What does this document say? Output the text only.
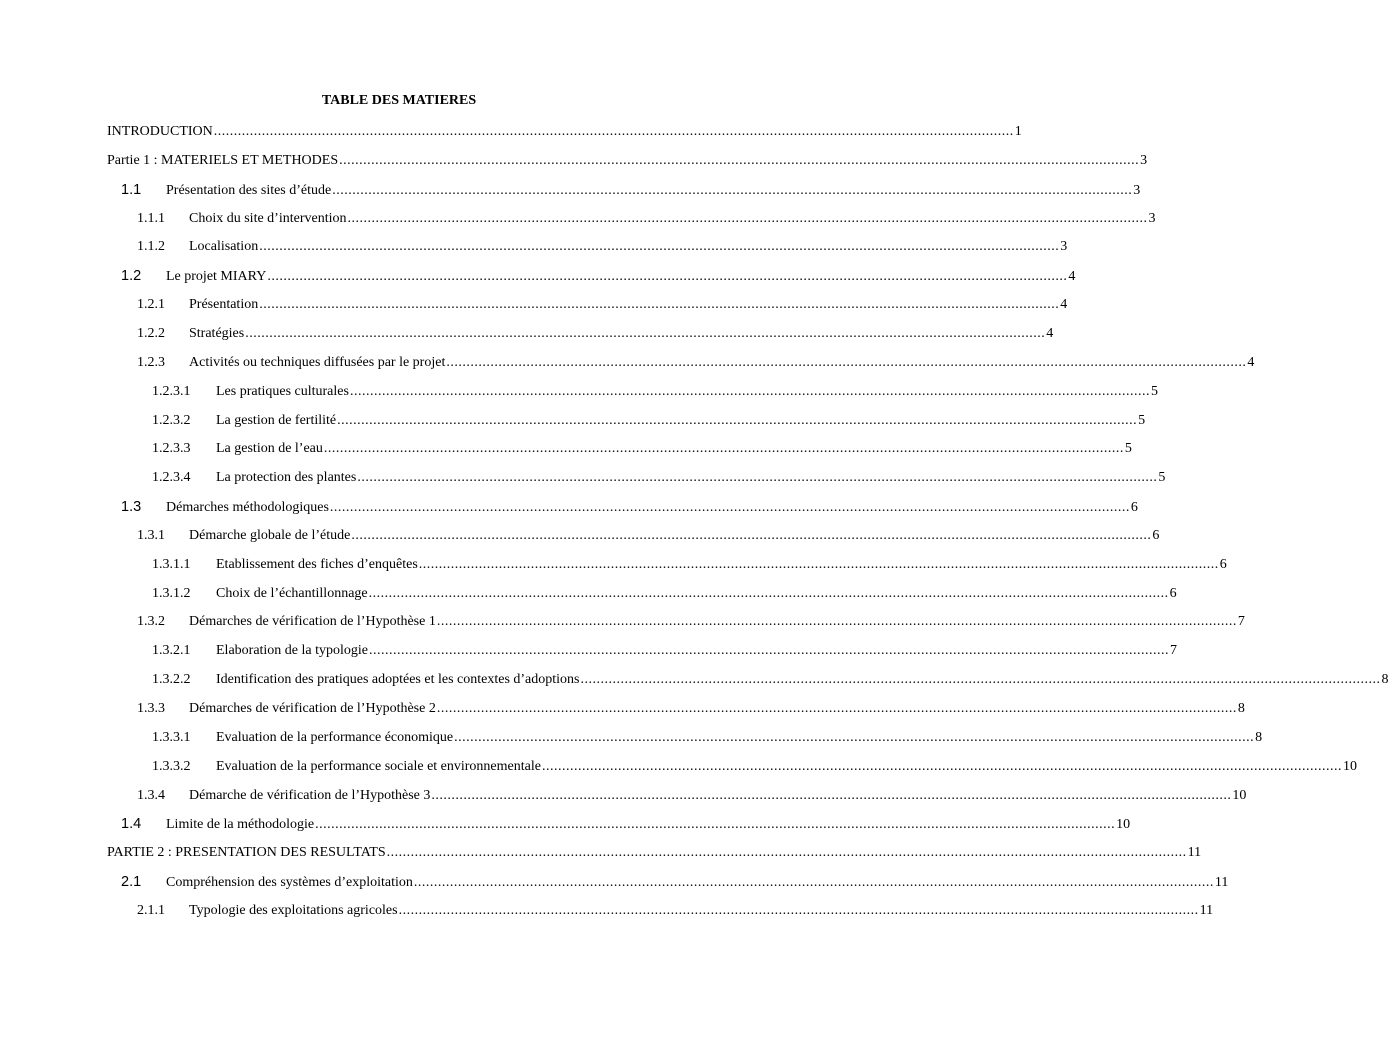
TABLE DES MATIERES
INTRODUCTION ........................................................................................................................................................................................................ 1
Partie 1 : MATERIELS ET METHODES ........................................................................................................................................................................................................ 3
1.1	Présentation des sites d’étude ........................................................................................................................................................................................................ 3
1.1.1	Choix du site d’intervention ........................................................................................................................................................................................................ 3
1.1.2	Localisation ........................................................................................................................................................................................................ 3
1.2	Le projet MIARY ........................................................................................................................................................................................................ 4
1.2.1	Présentation ........................................................................................................................................................................................................ 4
1.2.2	Stratégies ........................................................................................................................................................................................................ 4
1.2.3	Activités ou techniques diffusées par le projet ........................................................................................................................................................................................................ 4
1.2.3.1	Les pratiques culturales ........................................................................................................................................................................................................ 5
1.2.3.2	La gestion de fertilité ........................................................................................................................................................................................................ 5
1.2.3.3	La gestion de l’eau ........................................................................................................................................................................................................ 5
1.2.3.4	La protection des plantes ........................................................................................................................................................................................................ 5
1.3	Démarches méthodologiques ........................................................................................................................................................................................................ 6
1.3.1	Démarche globale de l’étude ........................................................................................................................................................................................................ 6
1.3.1.1	Etablissement des fiches d’enquêtes ........................................................................................................................................................................................................ 6
1.3.1.2	Choix de l’échantillonnage ........................................................................................................................................................................................................ 6
1.3.2	Démarches de vérification de l’Hypothèse 1 ........................................................................................................................................................................................................ 7
1.3.2.1	Elaboration de la typologie ........................................................................................................................................................................................................ 7
1.3.2.2	Identification des pratiques adoptées et les contextes d’adoptions ........................................................................................................................................................................................................ 8
1.3.3	Démarches de vérification de l’Hypothèse 2 ........................................................................................................................................................................................................ 8
1.3.3.1	Evaluation de la performance économique ........................................................................................................................................................................................................ 8
1.3.3.2	Evaluation de la performance sociale et environnementale ........................................................................................................................................................................................................ 10
1.3.4	Démarche de vérification de l’Hypothèse 3 ........................................................................................................................................................................................................ 10
1.4	Limite de la méthodologie ........................................................................................................................................................................................................ 10
PARTIE 2 : PRESENTATION DES RESULTATS ........................................................................................................................................................................................................ 11
2.1	Compréhension des systèmes d’exploitation ........................................................................................................................................................................................................ 11
2.1.1	Typologie des exploitations agricoles ........................................................................................................................................................................................................ 11
